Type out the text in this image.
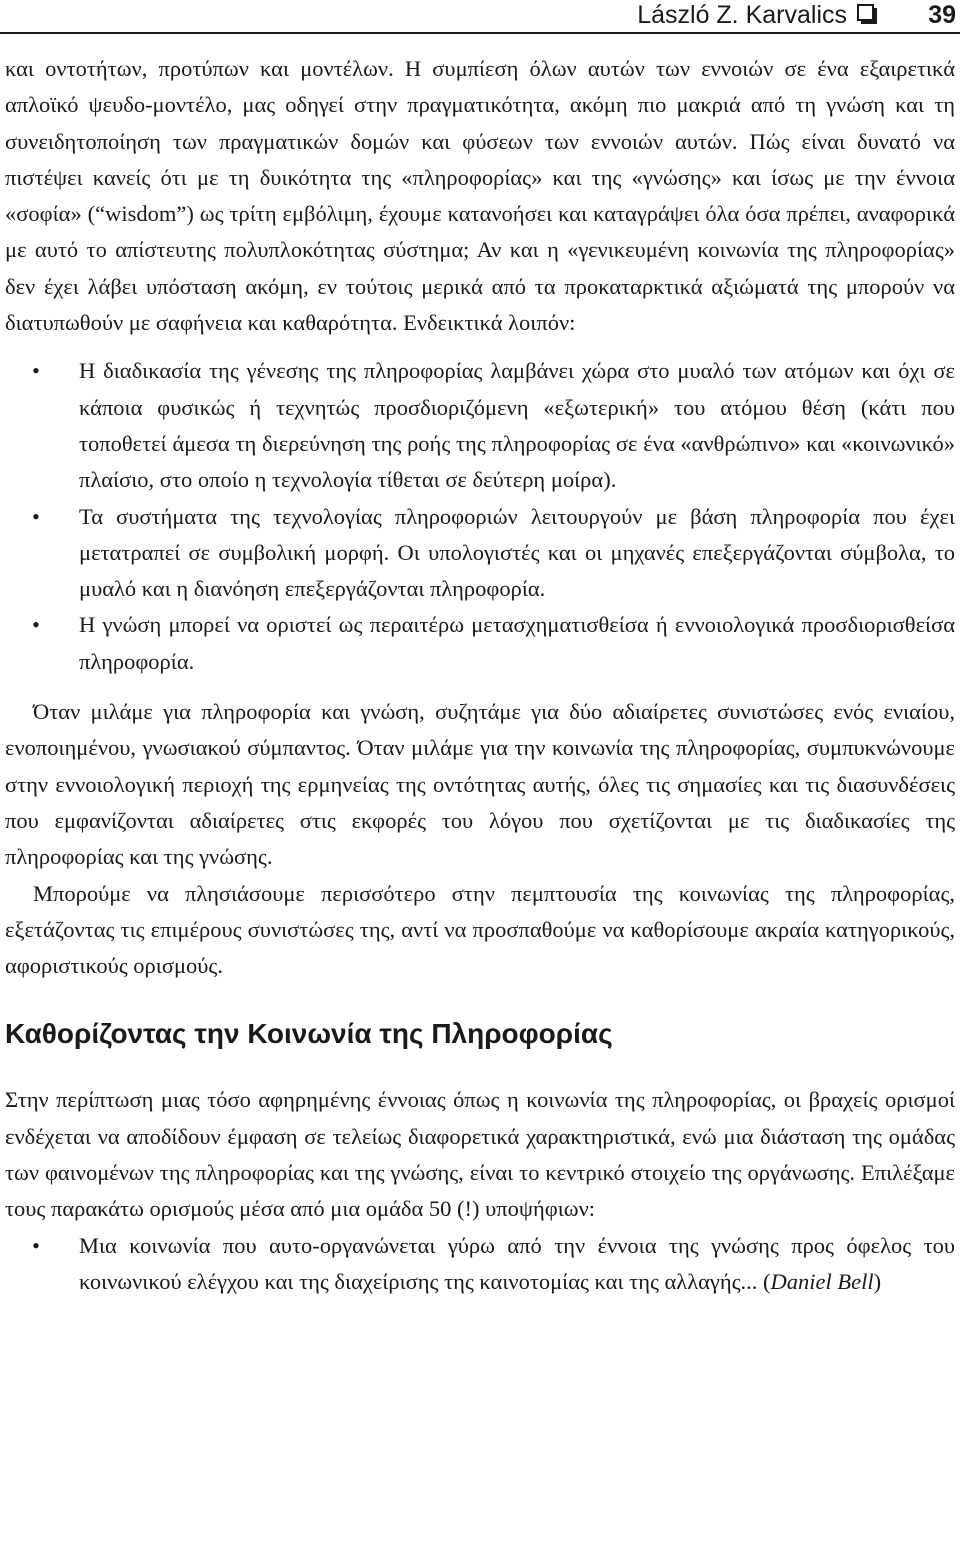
László Z. Karvalics	39

και οντοτήτων, προτύπων και μοντέλων. Η συμπίεση όλων αυτών των εννοιών σε ένα εξαιρετικά απλοϊκό ψευδο-μοντέλο, μας οδηγεί στην πραγματικότητα, ακόμη πιο μακριά από τη γνώση και τη συνειδητοποίηση των πραγματικών δομών και φύσεων των εννοιών αυτών. Πώς είναι δυνατό να πιστέψει κανείς ότι με τη δυικότητα της «πληροφορίας» και της «γνώσης» και ίσως με την έννοια «σοφία» (“wisdom”) ως τρίτη εμβόλιμη, έχουμε κατανοήσει και καταγράψει όλα όσα πρέπει, αναφορικά με αυτό το απίστευτης πολυπλοκότητας σύστημα; Αν και η «γενικευμένη κοινωνία της πληροφορίας» δεν έχει λάβει υπόσταση ακόμη, εν τούτοις μερικά από τα προκαταρκτικά αξιώματά της μπορούν να διατυπωθούν με σαφήνεια και καθαρότητα. Ενδεικτικά λοιπόν:

• Η διαδικασία της γένεσης της πληροφορίας λαμβάνει χώρα στο μυαλό των ατόμων και όχι σε κάποια φυσικώς ή τεχνητώς προσδιοριζόμενη «εξωτερική» του ατόμου θέση (κάτι που τοποθετεί άμεσα τη διερεύνηση της ροής της πληροφορίας σε ένα «ανθρώπινο» και «κοινωνικό» πλαίσιο, στο οποίο η τεχνολογία τίθεται σε δεύτερη μοίρα).
• Τα συστήματα της τεχνολογίας πληροφοριών λειτουργούν με βάση πληροφορία που έχει μετατραπεί σε συμβολική μορφή. Οι υπολογιστές και οι μηχανές επεξεργάζονται σύμβολα, το μυαλό και η διανόηση επεξεργάζονται πληροφορία.
• Η γνώση μπορεί να οριστεί ως περαιτέρω μετασχηματισθείσα ή εννοιολογικά προσδιορισθείσα πληροφορία.

Όταν μιλάμε για πληροφορία και γνώση, συζητάμε για δύο αδιαίρετες συνιστώσες ενός ενιαίου, ενοποιημένου, γνωσιακού σύμπαντος. Όταν μιλάμε για την κοινωνία της πληροφορίας, συμπυκνώνουμε στην εννοιολογική περιοχή της ερμηνείας της οντότητας αυτής, όλες τις σημασίες και τις διασυνδέσεις που εμφανίζονται αδιαίρετες στις εκφορές του λόγου που σχετίζονται με τις διαδικασίες της πληροφορίας και της γνώσης.

Μπορούμε να πλησιάσουμε περισσότερο στην πεμπτουσία της κοινωνίας της πληροφορίας, εξετάζοντας τις επιμέρους συνιστώσες της, αντί να προσπαθούμε να καθορίσουμε ακραία κατηγορικούς, αφοριστικούς ορισμούς.

Καθορίζοντας την Κοινωνία της Πληροφορίας

Στην περίπτωση μιας τόσο αφηρημένης έννοιας όπως η κοινωνία της πληροφορίας, οι βραχείς ορισμοί ενδέχεται να αποδίδουν έμφαση σε τελείως διαφορετικά χαρακτηριστικά, ενώ μια διάσταση της ομάδας των φαινομένων της πληροφορίας και της γνώσης, είναι το κεντρικό στοιχείο της οργάνωσης. Επιλέξαμε τους παρακάτω ορισμούς μέσα από μια ομάδα 50 (!) υποψήφιων:

• Μια κοινωνία που αυτο-οργανώνεται γύρω από την έννοια της γνώσης προς όφελος του κοινωνικού ελέγχου και της διαχείρισης της καινοτομίας και της αλλαγής... (Daniel Bell)
